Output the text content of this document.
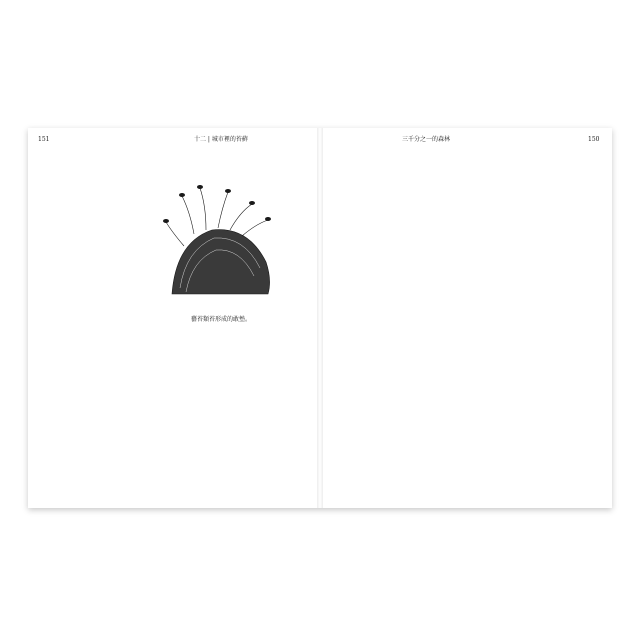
151	十二 | 城市裡的苔蘚
藝苔類苔形成的敢墊。
三千分之一的森林	150
